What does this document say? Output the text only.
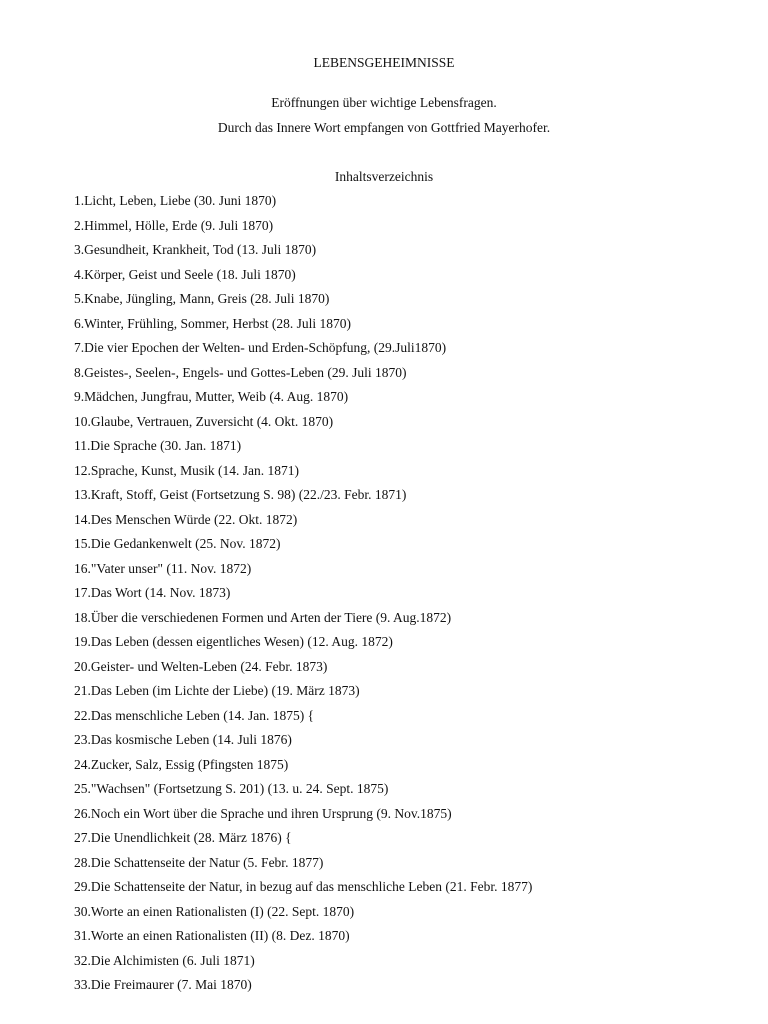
LEBENSGEHEIMNISSE
Eröffnungen über wichtige Lebensfragen.
Durch das Innere Wort empfangen von Gottfried Mayerhofer.
Inhaltsverzeichnis
1.Licht, Leben, Liebe (30. Juni 1870)
2.Himmel, Hölle, Erde (9. Juli 1870)
3.Gesundheit, Krankheit, Tod (13. Juli 1870)
4.Körper, Geist und Seele (18. Juli 1870)
5.Knabe, Jüngling, Mann, Greis (28. Juli 1870)
6.Winter, Frühling, Sommer, Herbst (28. Juli 1870)
7.Die vier Epochen der Welten- und Erden-Schöpfung, (29.Juli1870)
8.Geistes-, Seelen-, Engels- und Gottes-Leben (29. Juli 1870)
9.Mädchen, Jungfrau, Mutter, Weib (4. Aug. 1870)
10.Glaube, Vertrauen, Zuversicht (4. Okt. 1870)
11.Die Sprache (30. Jan. 1871)
12.Sprache, Kunst, Musik (14. Jan. 1871)
13.Kraft, Stoff, Geist (Fortsetzung S. 98) (22./23. Febr. 1871)
14.Des Menschen Würde (22. Okt. 1872)
15.Die Gedankenwelt (25. Nov. 1872)
16."Vater unser" (11. Nov. 1872)
17.Das Wort (14. Nov. 1873)
18.Über die verschiedenen Formen und Arten der Tiere (9. Aug.1872)
19.Das Leben (dessen eigentliches Wesen) (12. Aug. 1872)
20.Geister- und Welten-Leben (24. Febr. 1873)
21.Das Leben (im Lichte der Liebe) (19. März 1873)
22.Das menschliche Leben (14. Jan. 1875) {
23.Das kosmische Leben (14. Juli 1876)
24.Zucker, Salz, Essig (Pfingsten 1875)
25."Wachsen" (Fortsetzung S. 201) (13. u. 24. Sept. 1875)
26.Noch ein Wort über die Sprache und ihren Ursprung (9. Nov.1875)
27.Die Unendlichkeit (28. März 1876) {
28.Die Schattenseite der Natur (5. Febr. 1877)
29.Die Schattenseite der Natur, in bezug auf das menschliche Leben (21. Febr. 1877)
30.Worte an einen Rationalisten (I) (22. Sept. 1870)
31.Worte an einen Rationalisten (II) (8. Dez. 1870)
32.Die Alchimisten (6. Juli 1871)
33.Die Freimaurer (7. Mai 1870)
